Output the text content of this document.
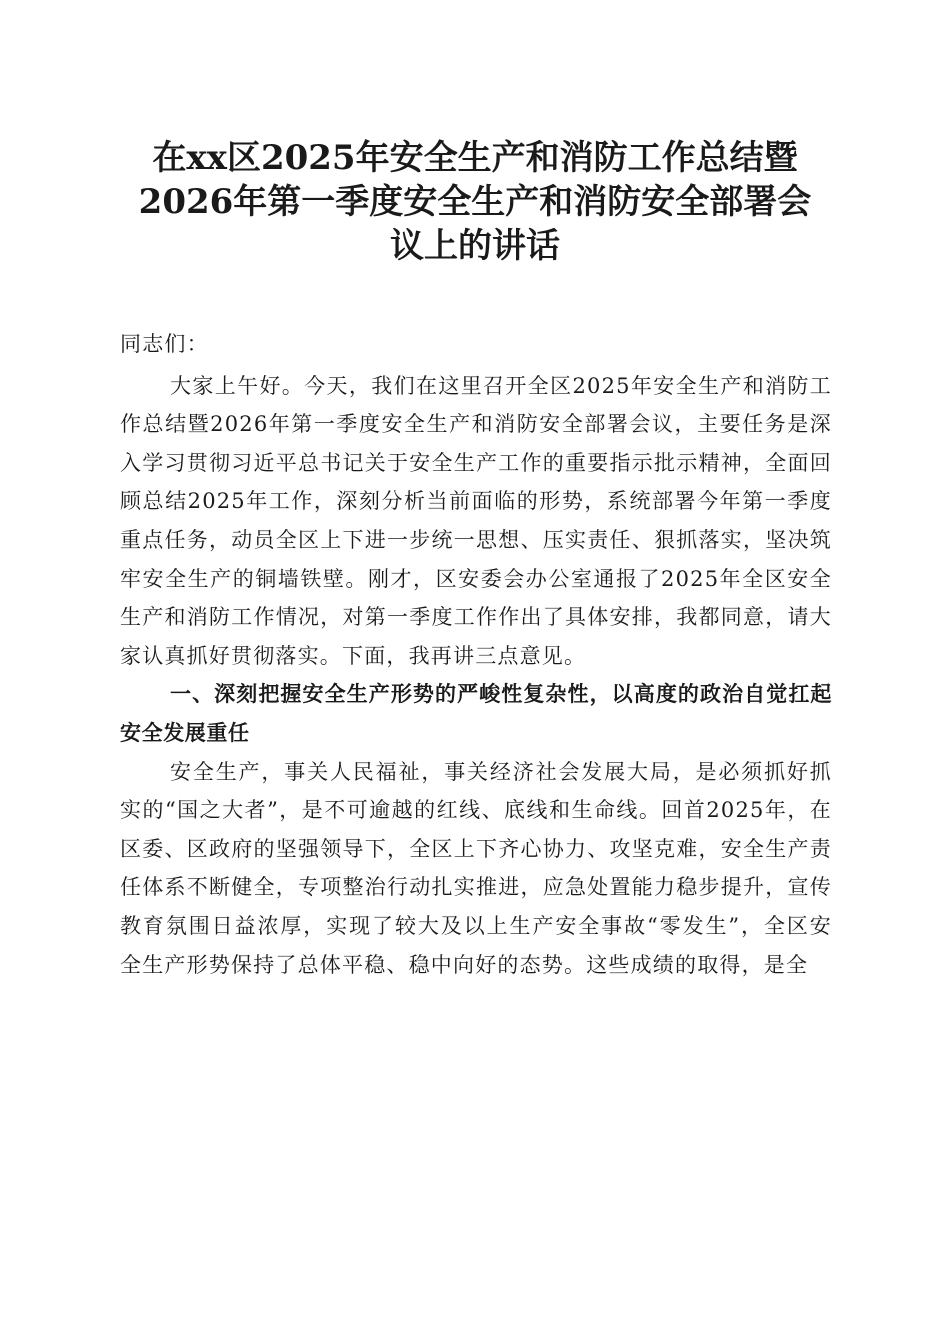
在xx区2025年安全生产和消防工作总结暨
2026年第一季度安全生产和消防安全部署会
议上的讲话

同志们：

大家上午好。今天，我们在这里召开全区2025年安全生产和消防工作总结暨2026年第一季度安全生产和消防安全部署会议，主要任务是深入学习贯彻习近平总书记关于安全生产工作的重要指示批示精神，全面回顾总结2025年工作，深刻分析当前面临的形势，系统部署今年第一季度重点任务，动员全区上下进一步统一思想、压实责任、狠抓落实，坚决筑牢安全生产的铜墙铁壁。刚才，区安委会办公室通报了2025年全区安全生产和消防工作情况，对第一季度工作作出了具体安排，我都同意，请大家认真抓好贯彻落实。下面，我再讲三点意见。

一、深刻把握安全生产形势的严峻性复杂性，以高度的政治自觉扛起安全发展重任

安全生产，事关人民福祉，事关经济社会发展大局，是必须抓好抓实的“国之大者”，是不可逾越的红线、底线和生命线。回首2025年，在区委、区政府的坚强领导下，全区上下齐心协力、攻坚克难，安全生产责任体系不断健全，专项整治行动扎实推进，应急处置能力稳步提升，宣传教育氛围日益浓厚，实现了较大及以上生产安全事故“零发生”，全区安全生产形势保持了总体平稳、稳中向好的态势。这些成绩的取得，是全
